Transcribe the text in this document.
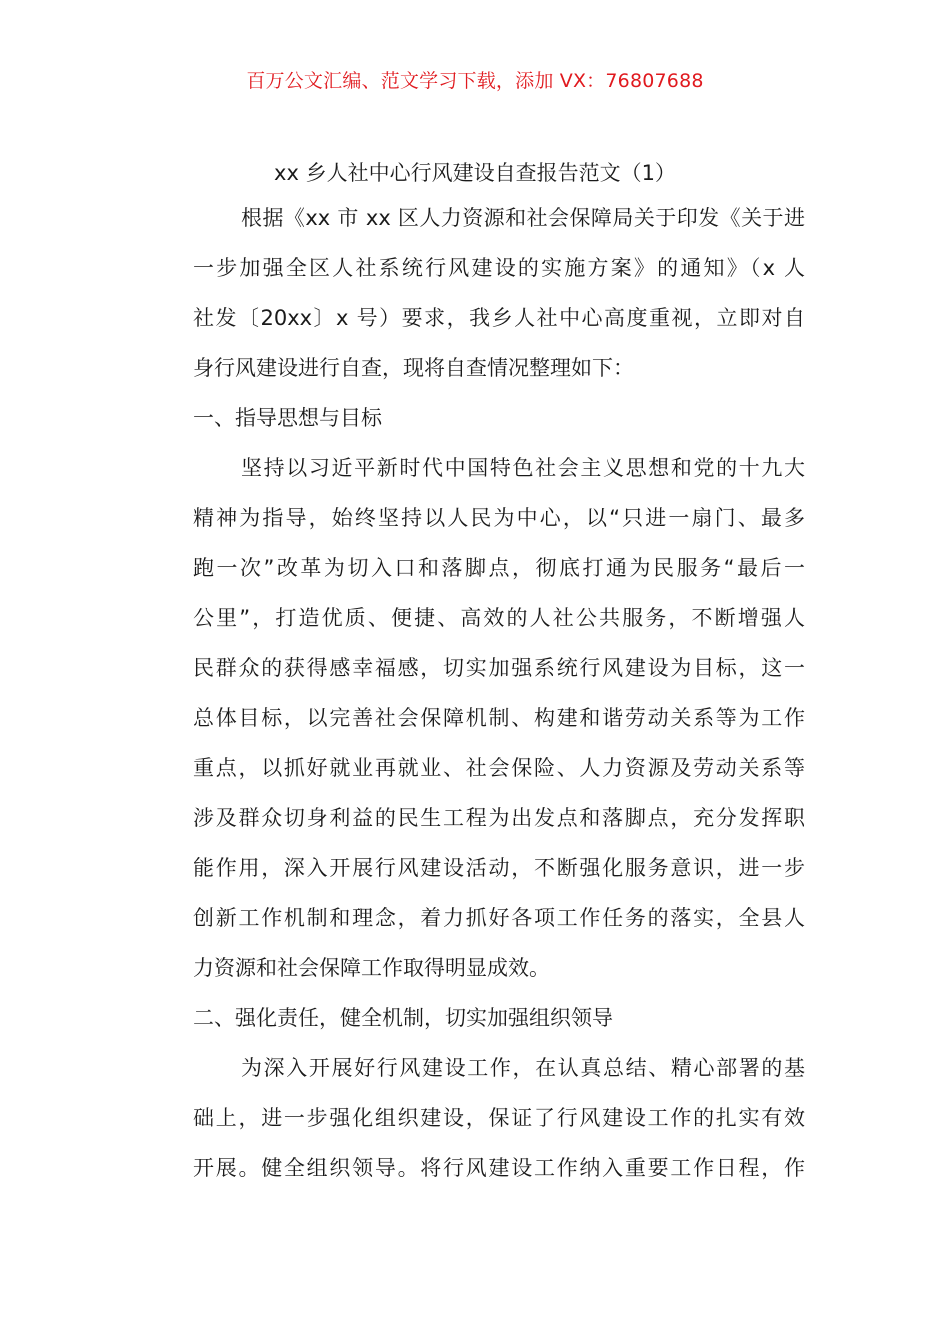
百万公文汇编、范文学习下载，添加 VX：76807688
xx 乡人社中心行风建设自查报告范文（1）
根据《xx 市 xx 区人力资源和社会保障局关于印发《关于进
一步加强全区人社系统行风建设的实施方案》的通知》（x 人
社发〔20xx〕x 号）要求，我乡人社中心高度重视，立即对自
身行风建设进行自查，现将自查情况整理如下：
一、指导思想与目标
坚持以习近平新时代中国特色社会主义思想和党的十九大
精神为指导，始终坚持以人民为中心，以“只进一扇门、最多
跑一次”改革为切入口和落脚点，彻底打通为民服务“最后一
公里”，打造优质、便捷、高效的人社公共服务，不断增强人
民群众的获得感幸福感，切实加强系统行风建设为目标，这一
总体目标，以完善社会保障机制、构建和谐劳动关系等为工作
重点，以抓好就业再就业、社会保险、人力资源及劳动关系等
涉及群众切身利益的民生工程为出发点和落脚点，充分发挥职
能作用，深入开展行风建设活动，不断强化服务意识，进一步
创新工作机制和理念，着力抓好各项工作任务的落实，全县人
力资源和社会保障工作取得明显成效。
二、强化责任，健全机制，切实加强组织领导
为深入开展好行风建设工作，在认真总结、精心部署的基
础上，进一步强化组织建设，保证了行风建设工作的扎实有效
开展。健全组织领导。将行风建设工作纳入重要工作日程，作
